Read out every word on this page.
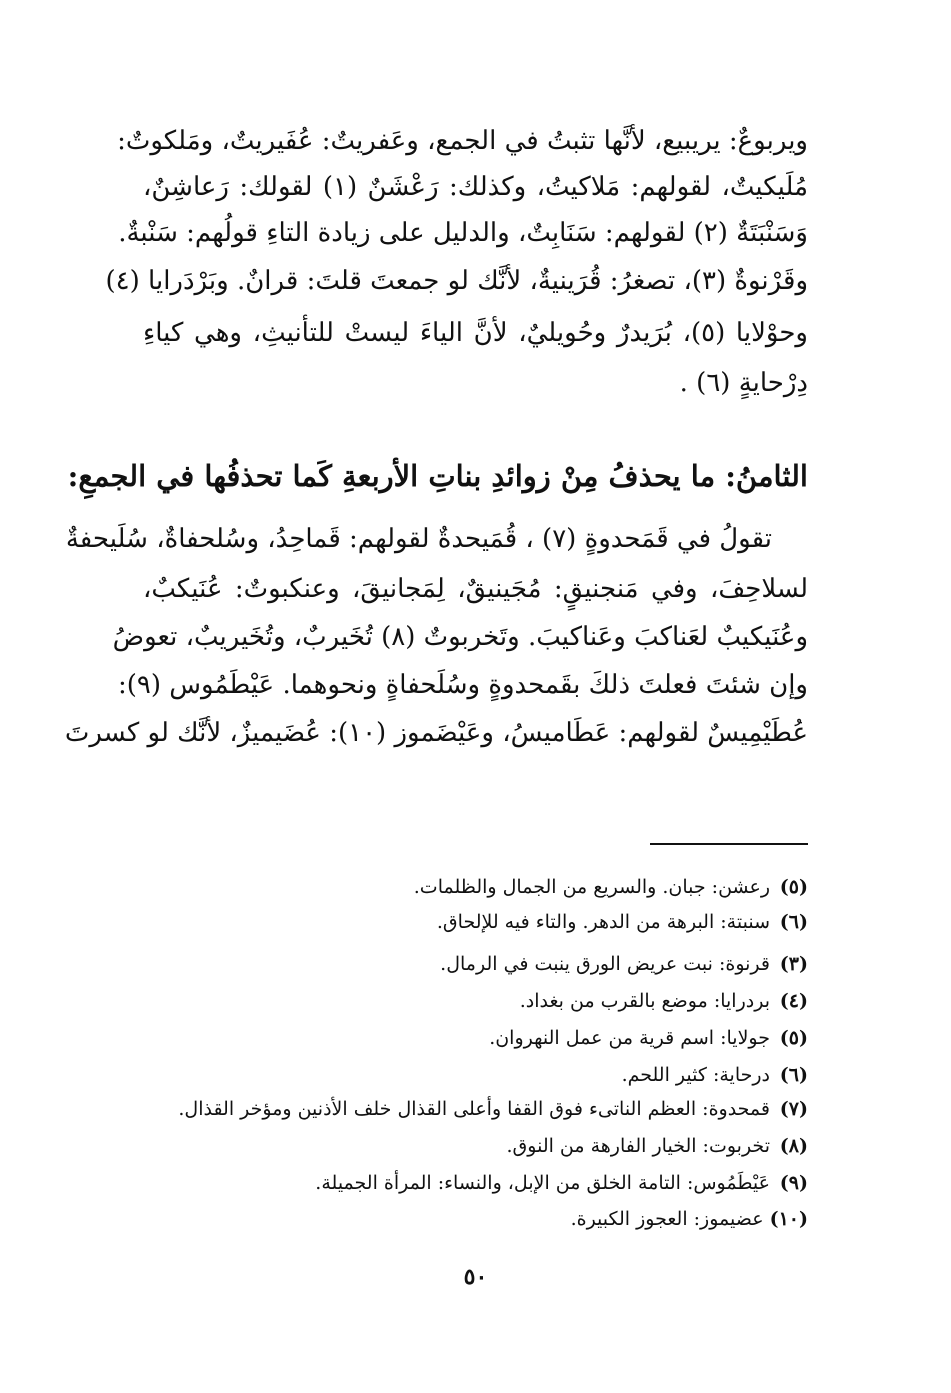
ويربوعٌ: يريبيع، لأنَّها تثبتُ في الجمع، وعَفريتٌ: عُفَيريتٌ، ومَلكوتٌ:
مُلَيكيتٌ، لقولهم: مَلاكيتُ، وكذلك: رَعْشَنٌ (١) لقولك: رَعاشِنٌ،
وَسَنْبَتَةٌ (٢) لقولهم: سَنَابِتٌ، والدليل على زيادة التاءِ قولُهم: سَنْبةٌ.
وقَرْنوةٌ (٣)، تصغرُ: قُرَينيةٌ، لأنَّك لو جمعتَ قلتَ: قرانٌ. وبَرْدَرايا (٤)
وحوْلايا (٥)، بُرَيدرٌ وحُويليٌ، لأنَّ الياءَ ليستْ للتأنيثِ، وهي كياءِ
دِرْحايةٍ (٦) .
الثامنُ: ما يحذفُ مِنْ زوائدِ بناتِ الأربعةِ كَما تحذفُها في الجمعِ:
تقولُ في قَمَحدوةٍ (٧) ، قُمَيحدةٌ لقولهم: قَماحِدُ، وسُلحفاةٌ، سُلَيحفةٌ
لسلاحِفَ، وفي مَنجنيقٍ: مُجَينيقٌ، لِمَجانيقَ، وعنكبوتٌ: عُنَيكبٌ،
وعُنَيكيبٌ لعَناكبَ وعَناكيبَ. وتَخربوتٌ (٨) تُخَيربٌ، وتُخَيريبٌ، تعوضُ
وإن شئتَ فعلتَ ذلكَ بقَمحدوةٍ وسُلَحفاةٍ ونحوهما. عَيْطَمُوس (٩):
عُطَيْمِيسٌ لقولهم: عَطَاميسُ، وعَيْضَموز (١٠): عُضَيميزٌ، لأنَّك لو كسرتَ
(٥)رعشن: جبان. والسريع من الجمال والظلمات.
(٦)سنبتة: البرهة من الدهر. والتاء فيه للإلحاق.
(٣)قرنوة: نبت عريض الورق ينبت في الرمال.
(٤)بردرايا: موضع بالقرب من بغداد.
(٥)جولايا: اسم قرية من عمل النهروان.
(٦)درحاية: كثير اللحم.
(٧)قمحدوة: العظم الناتىء فوق القفا وأعلى القذال خلف الأذنين ومؤخر القذال.
(٨)تخربوت: الخيار الفارهة من النوق.
(٩)عَيْطَمُوس: التامة الخلق من الإبل، والنساء: المرأة الجميلة.
(١٠)عضيموز: العجوز الكبيرة.
٥٠
